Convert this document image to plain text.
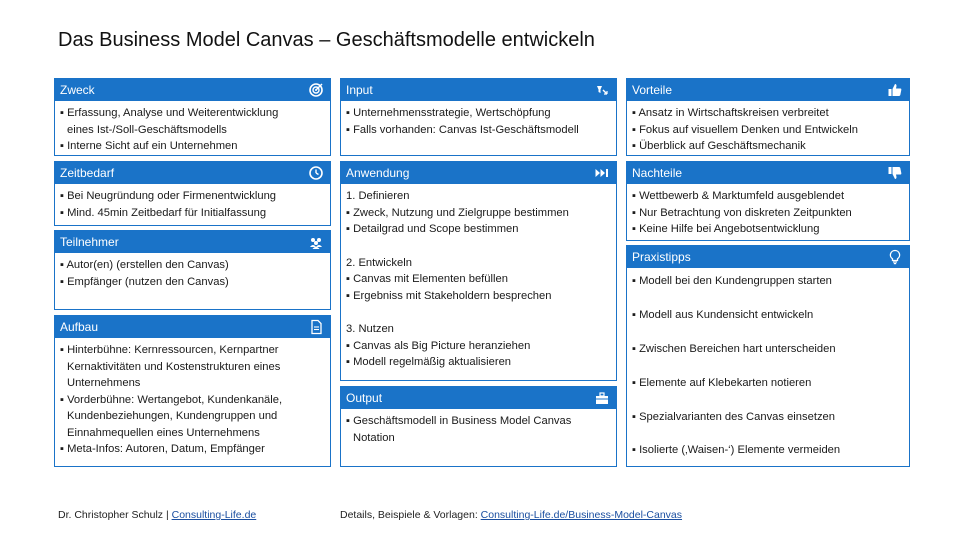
Das Business Model Canvas – Geschäftsmodelle entwickeln
Zweck
▪ Erfassung, Analyse und Weiterentwicklung
eines Ist-/Soll-Geschäftsmodells
▪ Interne Sicht auf ein Unternehmen
Zeitbedarf
▪ Bei Neugründung oder Firmenentwicklung
▪ Mind. 45min Zeitbedarf für Initialfassung
Teilnehmer
▪ Autor(en) (erstellen den Canvas)
▪ Empfänger (nutzen den Canvas)
Aufbau
▪ Hinterbühne: Kernressourcen, Kernpartner
Kernaktivitäten und Kostenstrukturen eines
Unternehmens
▪ Vorderbühne: Wertangebot, Kundenkanäle,
Kundenbeziehungen, Kundengruppen und
Einnahmequellen eines Unternehmens
▪ Meta-Infos: Autoren, Datum, Empfänger
Input
▪ Unternehmensstrategie, Wertschöpfung
▪ Falls vorhanden: Canvas Ist-Geschäftsmodell
Anwendung
1. Definieren
▪ Zweck, Nutzung und Zielgruppe bestimmen
▪ Detailgrad und Scope bestimmen
2. Entwickeln
▪ Canvas mit Elementen befüllen
▪ Ergebniss mit Stakeholdern besprechen
3. Nutzen
▪ Canvas als Big Picture heranziehen
▪ Modell regelmäßig aktualisieren
Output
▪ Geschäftsmodell in Business Model Canvas
Notation
Vorteile
▪ Ansatz in Wirtschaftskreisen verbreitet
▪ Fokus auf visuellem Denken und Entwickeln
▪ Überblick auf Geschäftsmechanik
Nachteile
▪ Wettbewerb & Marktumfeld ausgeblendet
▪ Nur Betrachtung von diskreten Zeitpunkten
▪ Keine Hilfe bei Angebotsentwicklung
Praxistipps
▪ Modell bei den Kundengruppen starten
▪ Modell aus Kundensicht entwickeln
▪ Zwischen Bereichen hart unterscheiden
▪ Elemente auf Klebekarten notieren
▪ Spezialvarianten des Canvas einsetzen
▪ Isolierte (‚Waisen-‘) Elemente vermeiden
Dr. Christopher Schulz | Consulting-Life.de	Details, Beispiele & Vorlagen: Consulting-Life.de/Business-Model-Canvas
